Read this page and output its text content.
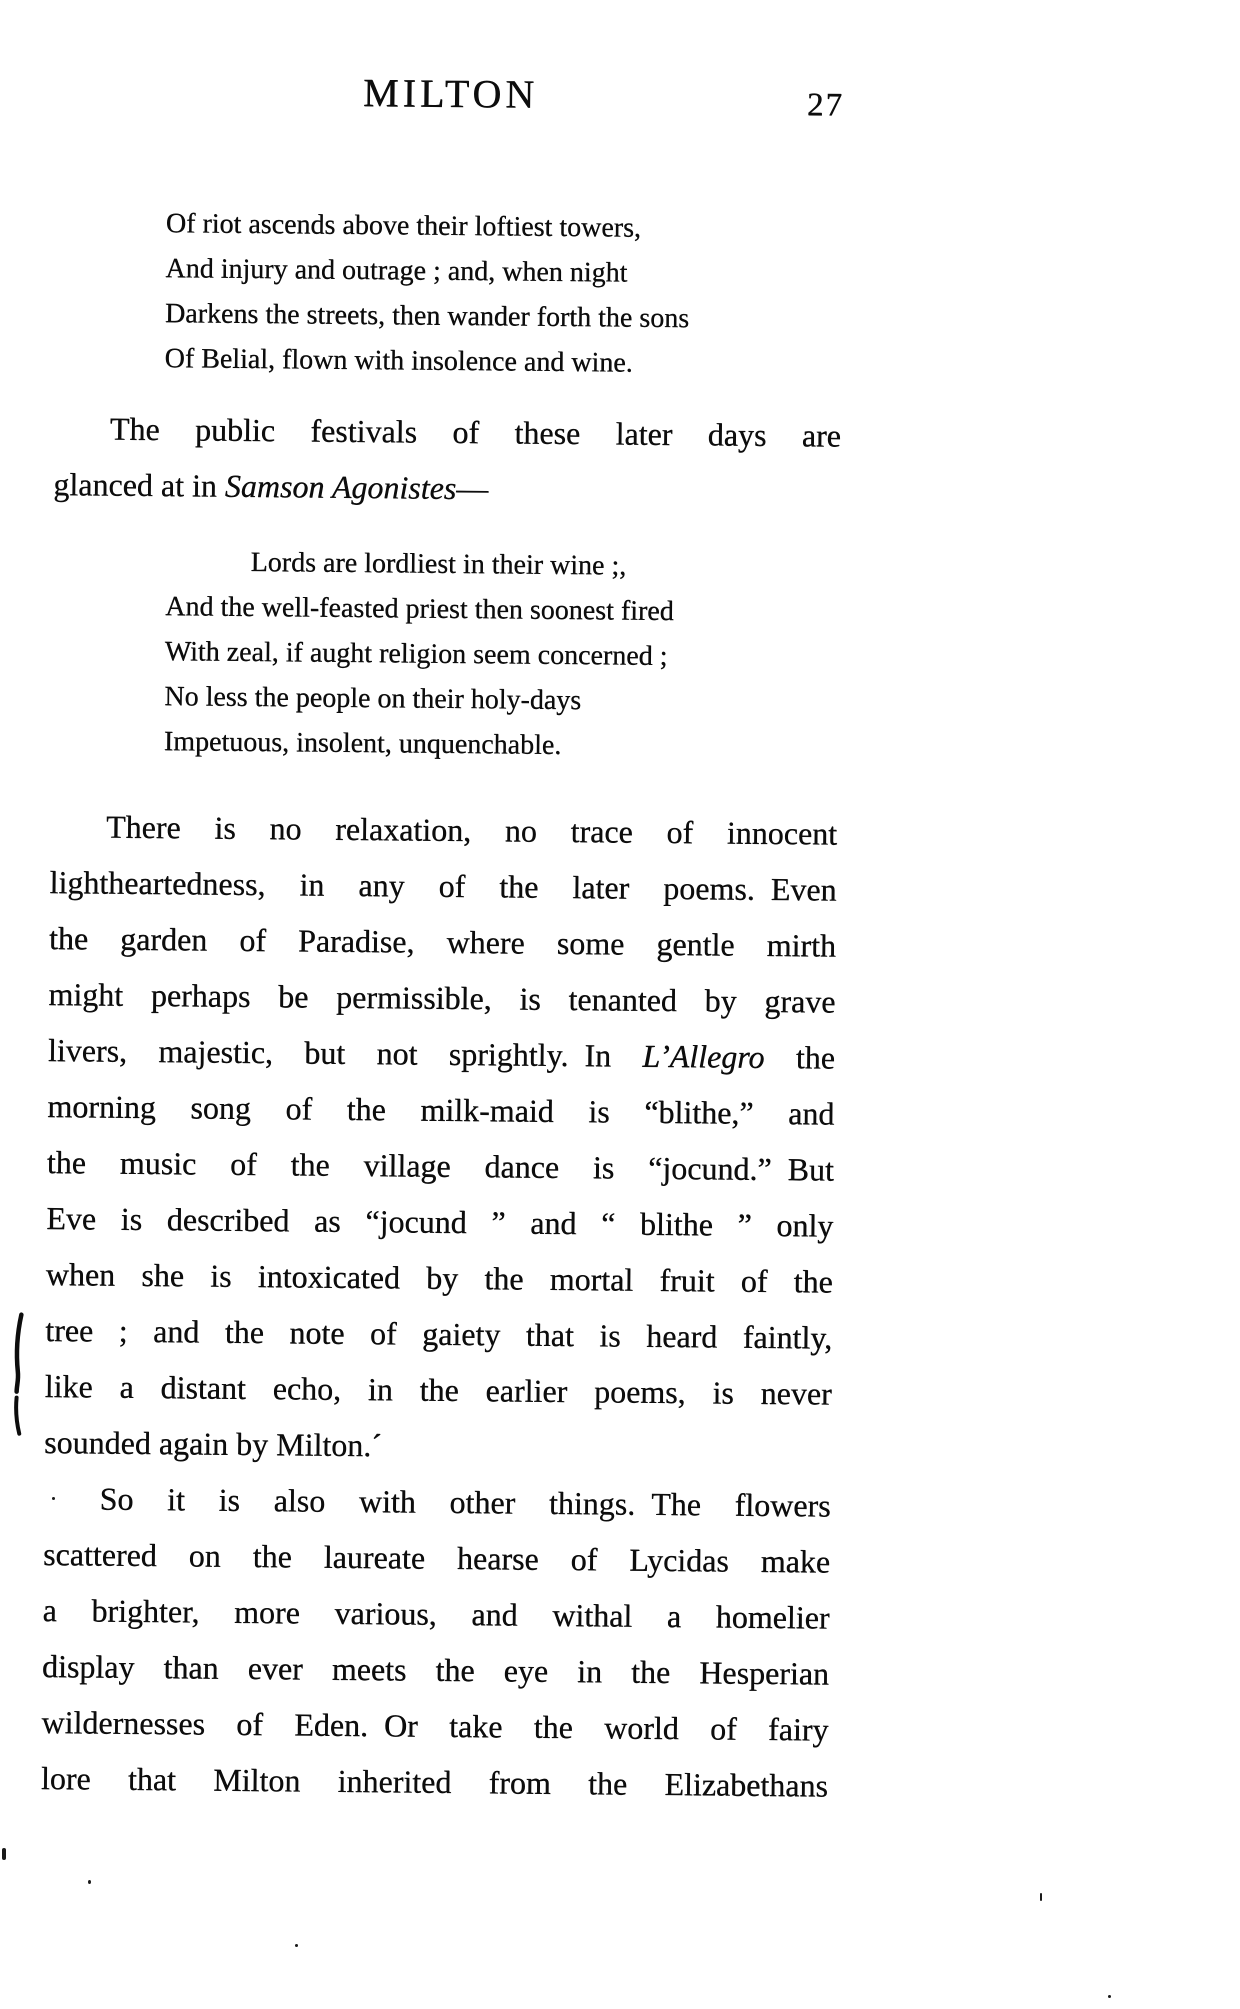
MILTON	27
Of riot ascends above their loftiest towers,
And injury and outrage ; and, when night
Darkens the streets, then wander forth the sons
Of Belial, flown with insolence and wine.
The public festivals of these later days are
glanced at in Samson Agonistes—
Lords are lordliest in their wine ;,
And the well-feasted priest then soonest fired
With zeal, if aught religion seem concerned ;
No less the people on their holy-days
Impetuous, insolent, unquenchable.
There is no relaxation, no trace of innocent
lightheartedness, in any of the later poems. Even
the garden of Paradise, where some gentle mirth
might perhaps be permissible, is tenanted by grave
livers, majestic, but not sprightly. In L’Allegro the
morning song of the milk-maid is “blithe,” and
the music of the village dance is “jocund.” But
Eve is described as “jocund ” and “ blithe ” only
when she is intoxicated by the mortal fruit of the
tree ; and the note of gaiety that is heard faintly,
like a distant echo, in the earlier poems, is never
sounded again by Milton.´
So it is also with other things. The flowers
scattered on the laureate hearse of Lycidas make
a brighter, more various, and withal a homelier
display than ever meets the eye in the Hesperian
wildernesses of Eden. Or take the world of fairy
lore that Milton inherited from the Elizabethans
